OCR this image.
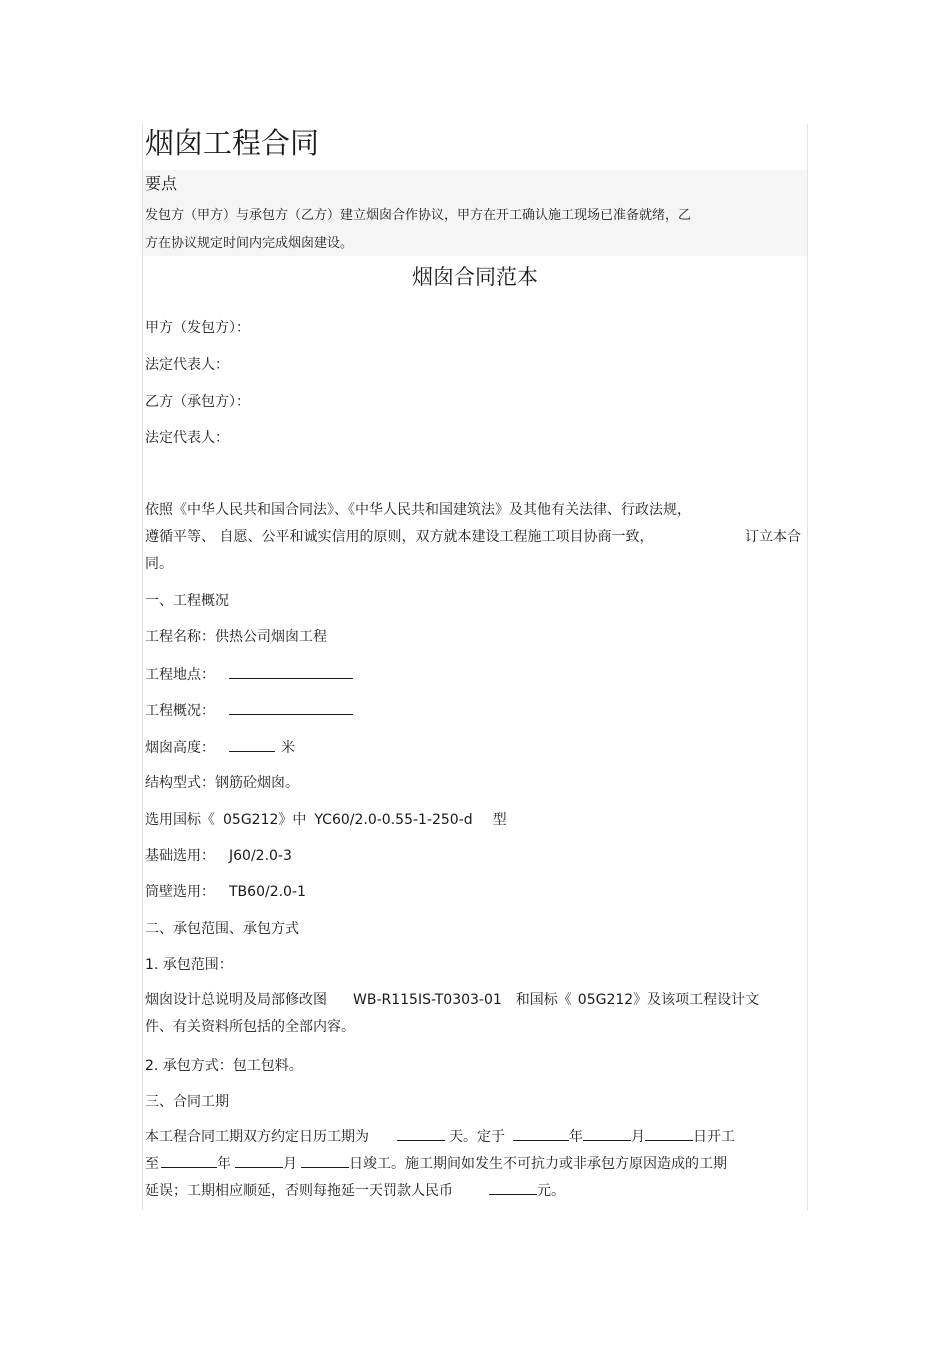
烟囱工程合同
要点
发包方（甲方）与承包方（乙方）建立烟囱合作协议，甲方在开工确认施工现场已准备就绪，乙
方在协议规定时间内完成烟囱建设。
烟囱合同范本
甲方（发包方）：
法定代表人：
乙方（承包方）：
法定代表人：
依照《中华人民共和国合同法》、《中华人民共和国建筑法》及其他有关法律、行政法规，
遵循平等、 自愿、公平和诚实信用的原则，双方就本建设工程施工项目协商一致，	订立本合
同。
一、工程概况
工程名称：供热公司烟囱工程
工程地点：
工程概况：
烟囱高度：	米
结构型式：钢筋砼烟囱。
选用国标《 05G212》中 YC60/2.0-0.55-1-250-d 型
基础选用： J60/2.0-3
筒壁选用： TB60/2.0-1
二、承包范围、承包方式
1. 承包范围：
烟囱设计总说明及局部修改图 WB-R115IS-T0303-01 和国标《 05G212》及该项工程设计文
件、有关资料所包括的全部内容。
2. 承包方式：包工包料。
三、合同工期
本工程合同工期双方约定日历工期为	天。定于	年	月	日开工
至	年	月	日竣工。施工期间如发生不可抗力或非承包方原因造成的工期
延误；工期相应顺延，否则每拖延一天罚款人民币	元。
